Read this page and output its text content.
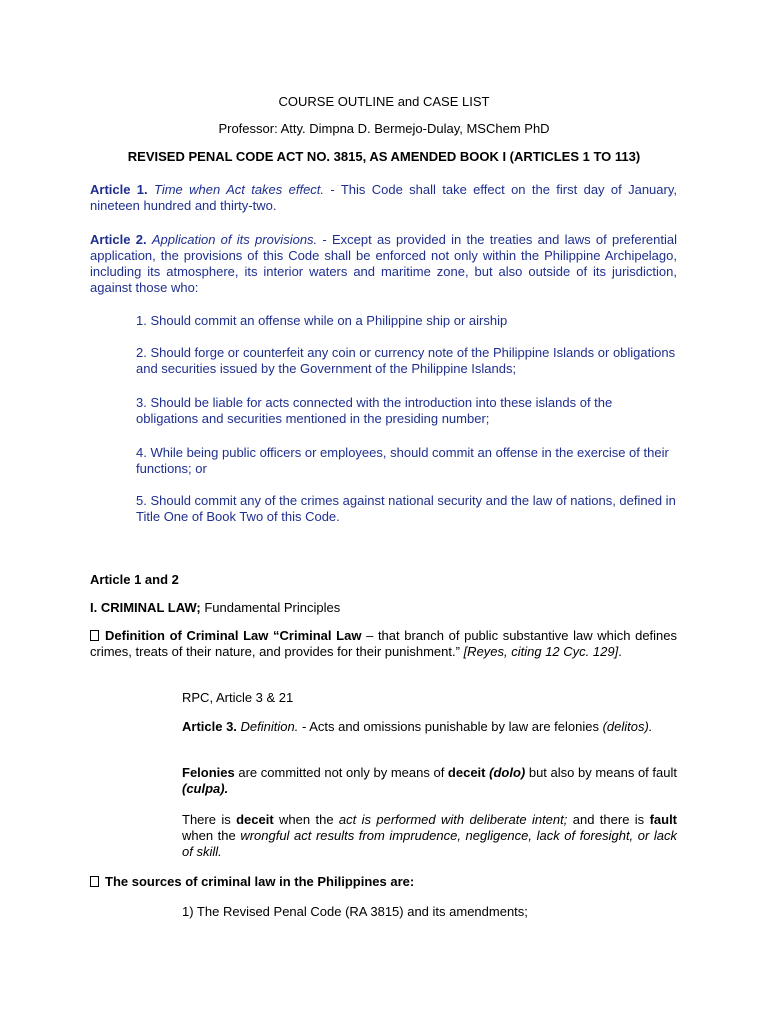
COURSE OUTLINE and CASE LIST

Professor: Atty. Dimpna D. Bermejo-Dulay, MSChem PhD

REVISED PENAL CODE ACT NO. 3815, AS AMENDED BOOK I (ARTICLES 1 TO 113)

Article 1. Time when Act takes effect. - This Code shall take effect on the first day of January, nineteen hundred and thirty-two.

Article 2. Application of its provisions. - Except as provided in the treaties and laws of preferential application, the provisions of this Code shall be enforced not only within the Philippine Archipelago, including its atmosphere, its interior waters and maritime zone, but also outside of its jurisdiction, against those who:

1. Should commit an offense while on a Philippine ship or airship

2. Should forge or counterfeit any coin or currency note of the Philippine Islands or obligations and securities issued by the Government of the Philippine Islands;

3. Should be liable for acts connected with the introduction into these islands of the obligations and securities mentioned in the presiding number;

4. While being public officers or employees, should commit an offense in the exercise of their functions; or

5. Should commit any of the crimes against national security and the law of nations, defined in Title One of Book Two of this Code.

Article 1 and 2

I. CRIMINAL LAW; Fundamental Principles

Definition of Criminal Law “Criminal Law – that branch of public substantive law which defines crimes, treats of their nature, and provides for their punishment.” [Reyes, citing 12 Cyc. 129].

RPC, Article 3 & 21

Article 3. Definition. - Acts and omissions punishable by law are felonies (delitos).

Felonies are committed not only by means of deceit (dolo) but also by means of fault (culpa).

There is deceit when the act is performed with deliberate intent; and there is fault when the wrongful act results from imprudence, negligence, lack of foresight, or lack of skill.

The sources of criminal law in the Philippines are:

1) The Revised Penal Code (RA 3815) and its amendments;
